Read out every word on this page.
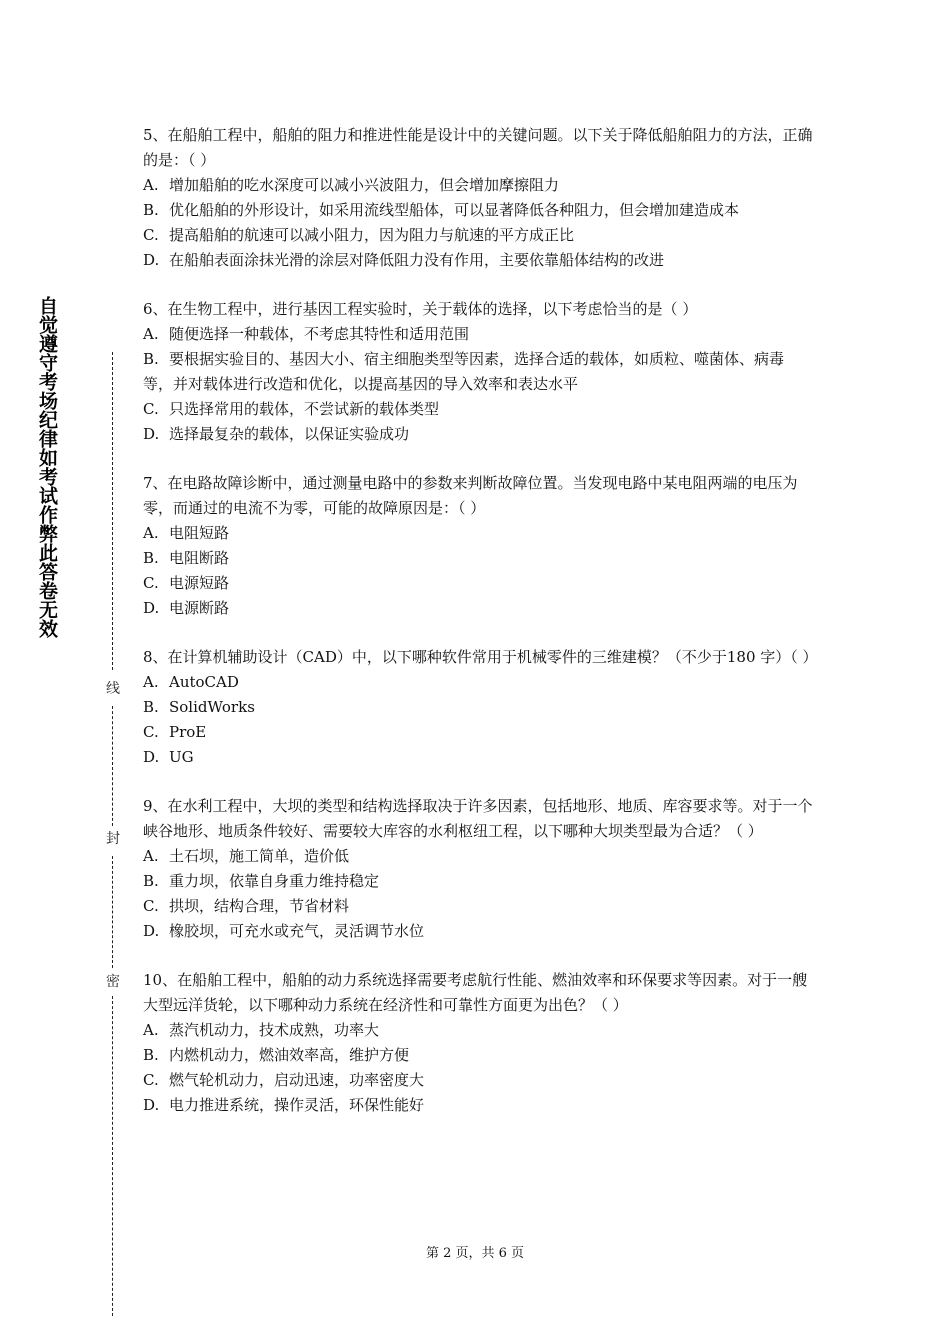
自觉遵守考场纪律如考试作弊此答卷无效
线
封
密

5、在船舶工程中，船舶的阻力和推进性能是设计中的关键问题。以下关于降低船舶阻力的方法，正确的是：（ ）

A. 增加船舶的吃水深度可以减小兴波阻力，但会增加摩擦阻力

B. 优化船舶的外形设计，如采用流线型船体，可以显著降低各种阻力，但会增加建造成本

C. 提高船舶的航速可以减小阻力，因为阻力与航速的平方成正比

D. 在船舶表面涂抹光滑的涂层对降低阻力没有作用，主要依靠船体结构的改进

6、在生物工程中，进行基因工程实验时，关于载体的选择，以下考虑恰当的是（ ）

A. 随便选择一种载体，不考虑其特性和适用范围

B. 要根据实验目的、基因大小、宿主细胞类型等因素，选择合适的载体，如质粒、噬菌体、病毒等，并对载体进行改造和优化，以提高基因的导入效率和表达水平

C. 只选择常用的载体，不尝试新的载体类型

D. 选择最复杂的载体，以保证实验成功

7、在电路故障诊断中，通过测量电路中的参数来判断故障位置。当发现电路中某电阻两端的电压为零，而通过的电流不为零，可能的故障原因是：（ ）

A. 电阻短路

B. 电阻断路

C. 电源短路

D. 电源断路

8、在计算机辅助设计（CAD）中，以下哪种软件常用于机械零件的三维建模？（不少于180 字）（ ）

A. AutoCAD

B. SolidWorks

C. ProE

D. UG

9、在水利工程中，大坝的类型和结构选择取决于许多因素，包括地形、地质、库容要求等。对于一个峡谷地形、地质条件较好、需要较大库容的水利枢纽工程，以下哪种大坝类型最为合适？（ ）

A. 土石坝，施工简单，造价低

B. 重力坝，依靠自身重力维持稳定

C. 拱坝，结构合理，节省材料

D. 橡胶坝，可充水或充气，灵活调节水位

10、在船舶工程中，船舶的动力系统选择需要考虑航行性能、燃油效率和环保要求等因素。对于一艘大型远洋货轮，以下哪种动力系统在经济性和可靠性方面更为出色？（ ）

A. 蒸汽机动力，技术成熟，功率大

B. 内燃机动力，燃油效率高，维护方便

C. 燃气轮机动力，启动迅速，功率密度大

D. 电力推进系统，操作灵活，环保性能好

第 2 页，共 6 页
